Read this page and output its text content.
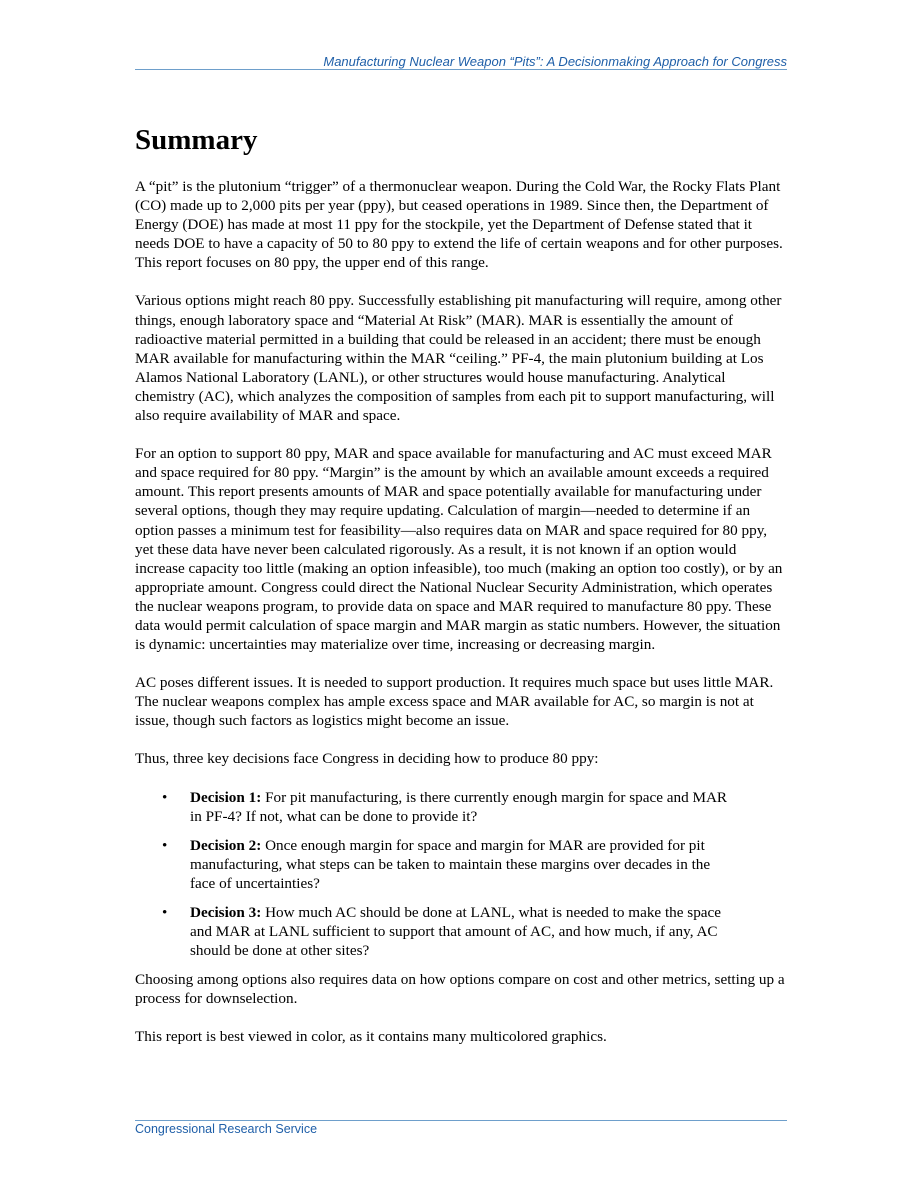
Manufacturing Nuclear Weapon “Pits”: A Decisionmaking Approach for Congress
Summary

A “pit” is the plutonium “trigger” of a thermonuclear weapon. During the Cold War, the Rocky Flats Plant (CO) made up to 2,000 pits per year (ppy), but ceased operations in 1989. Since then, the Department of Energy (DOE) has made at most 11 ppy for the stockpile, yet the Department of Defense stated that it needs DOE to have a capacity of 50 to 80 ppy to extend the life of certain weapons and for other purposes. This report focuses on 80 ppy, the upper end of this range.

Various options might reach 80 ppy. Successfully establishing pit manufacturing will require, among other things, enough laboratory space and “Material At Risk” (MAR). MAR is essentially the amount of radioactive material permitted in a building that could be released in an accident; there must be enough MAR available for manufacturing within the MAR “ceiling.” PF-4, the main plutonium building at Los Alamos National Laboratory (LANL), or other structures would house manufacturing. Analytical chemistry (AC), which analyzes the composition of samples from each pit to support manufacturing, will also require availability of MAR and space.

For an option to support 80 ppy, MAR and space available for manufacturing and AC must exceed MAR and space required for 80 ppy. “Margin” is the amount by which an available amount exceeds a required amount. This report presents amounts of MAR and space potentially available for manufacturing under several options, though they may require updating. Calculation of margin—needed to determine if an option passes a minimum test for feasibility—also requires data on MAR and space required for 80 ppy, yet these data have never been calculated rigorously. As a result, it is not known if an option would increase capacity too little (making an option infeasible), too much (making an option too costly), or by an appropriate amount. Congress could direct the National Nuclear Security Administration, which operates the nuclear weapons program, to provide data on space and MAR required to manufacture 80 ppy. These data would permit calculation of space margin and MAR margin as static numbers. However, the situation is dynamic: uncertainties may materialize over time, increasing or decreasing margin.

AC poses different issues. It is needed to support production. It requires much space but uses little MAR. The nuclear weapons complex has ample excess space and MAR available for AC, so margin is not at issue, though such factors as logistics might become an issue.

Thus, three key decisions face Congress in deciding how to produce 80 ppy:

• Decision 1: For pit manufacturing, is there currently enough margin for space and MAR in PF-4? If not, what can be done to provide it?
• Decision 2: Once enough margin for space and margin for MAR are provided for pit manufacturing, what steps can be taken to maintain these margins over decades in the face of uncertainties?
• Decision 3: How much AC should be done at LANL, what is needed to make the space and MAR at LANL sufficient to support that amount of AC, and how much, if any, AC should be done at other sites?

Choosing among options also requires data on how options compare on cost and other metrics, setting up a process for downselection.

This report is best viewed in color, as it contains many multicolored graphics.

Congressional Research Service
